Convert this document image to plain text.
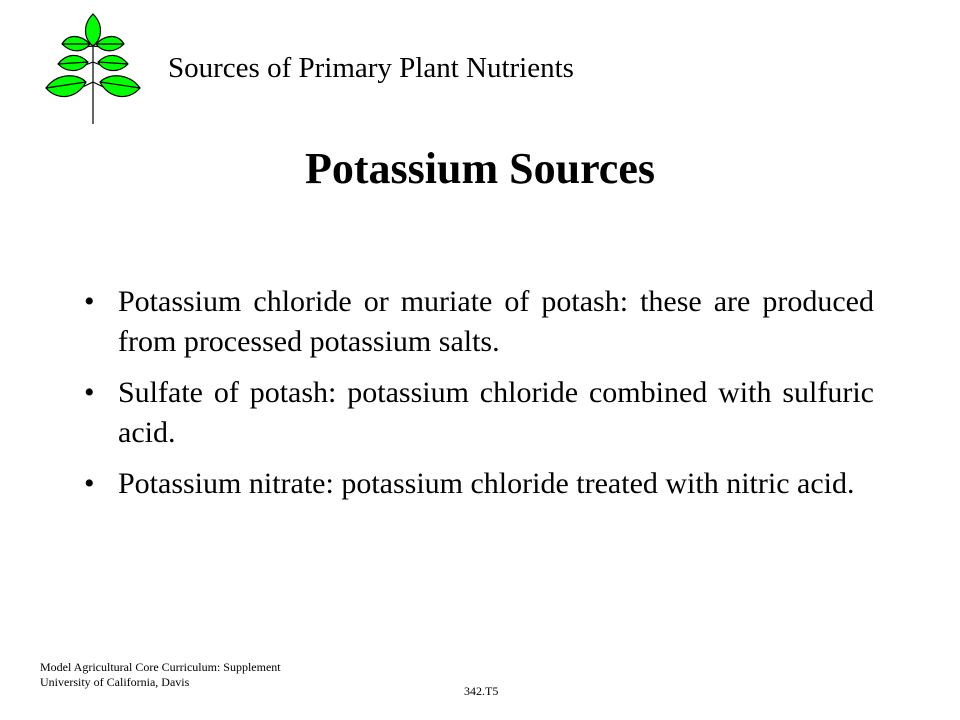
Sources of Primary Plant Nutrients
Potassium Sources
• Potassium chloride or muriate of potash: these are produced from processed potassium salts.
• Sulfate of potash: potassium chloride combined with sulfuric acid.
• Potassium nitrate: potassium chloride treated with nitric acid.
Model Agricultural Core Curriculum: Supplement
University of California, Davis
342.T5
